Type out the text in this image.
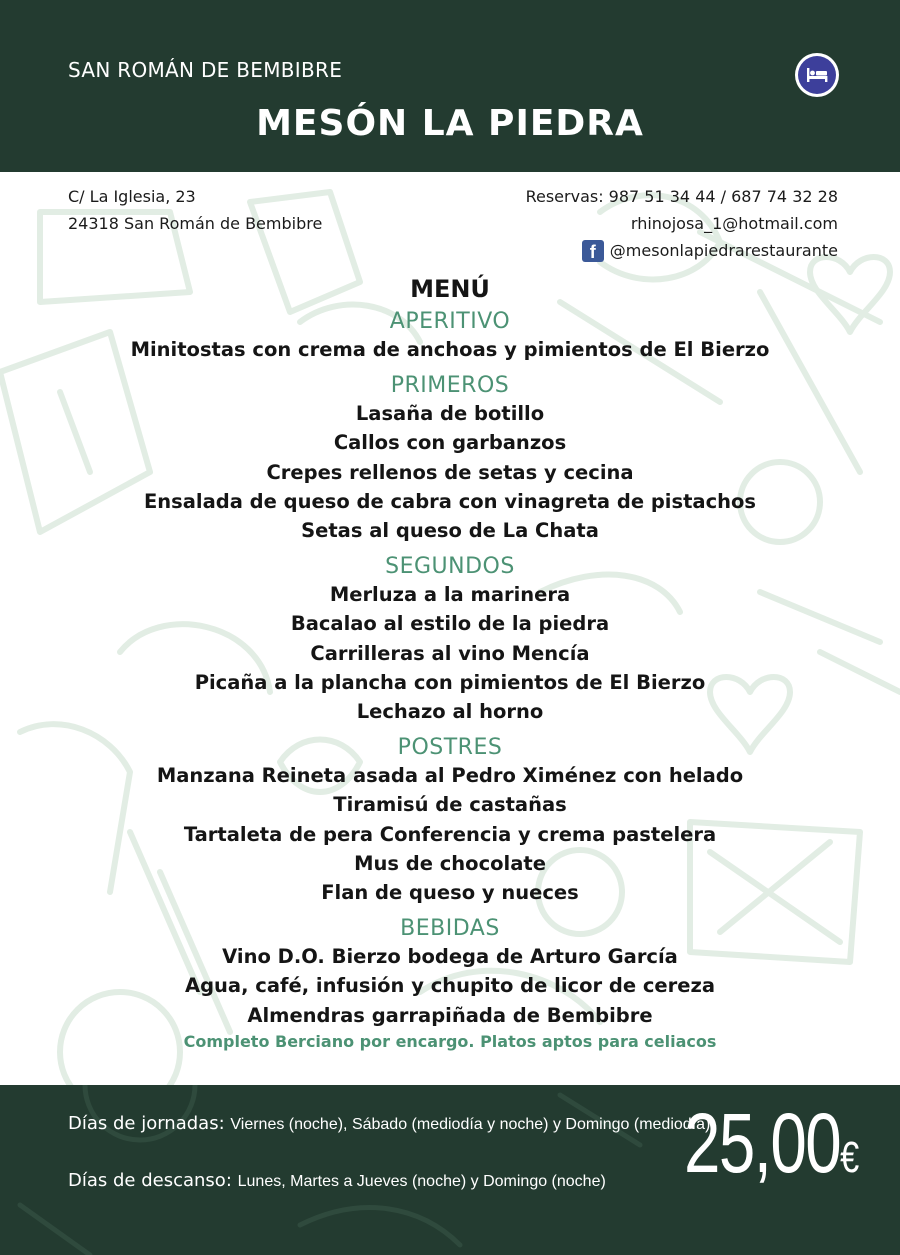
SAN ROMÁN DE BEMBIBRE
MESÓN LA PIEDRA
C/ La Iglesia, 23
24318 San Román de Bembibre
Reservas: 987 51 34 44 / 687 74 32 28
rhinojosa_1@hotmail.com
f @mesonlapiedrarestaurante
MENÚ
APERITIVO
Minitostas con crema de anchoas y pimientos de El Bierzo
PRIMEROS
Lasaña de botillo
Callos con garbanzos
Crepes rellenos de setas y cecina
Ensalada de queso de cabra con vinagreta de pistachos
Setas al queso de La Chata
SEGUNDOS
Merluza a la marinera
Bacalao al estilo de la piedra
Carrilleras al vino Mencía
Picaña a la plancha con pimientos de El Bierzo
Lechazo al horno
POSTRES
Manzana Reineta asada al Pedro Ximénez con helado
Tiramisú de castañas
Tartaleta de pera Conferencia y crema pastelera
Mus de chocolate
Flan de queso y nueces
BEBIDAS
Vino D.O. Bierzo bodega de Arturo García
Agua, café, infusión y chupito de licor de cereza
Almendras garrapiñada de Bembibre
Completo Berciano por encargo. Platos aptos para celiacos
Días de jornadas: Viernes (noche), Sábado (mediodía y noche) y Domingo (mediodía)
Días de descanso: Lunes, Martes a Jueves (noche) y Domingo (noche) 25,00€
